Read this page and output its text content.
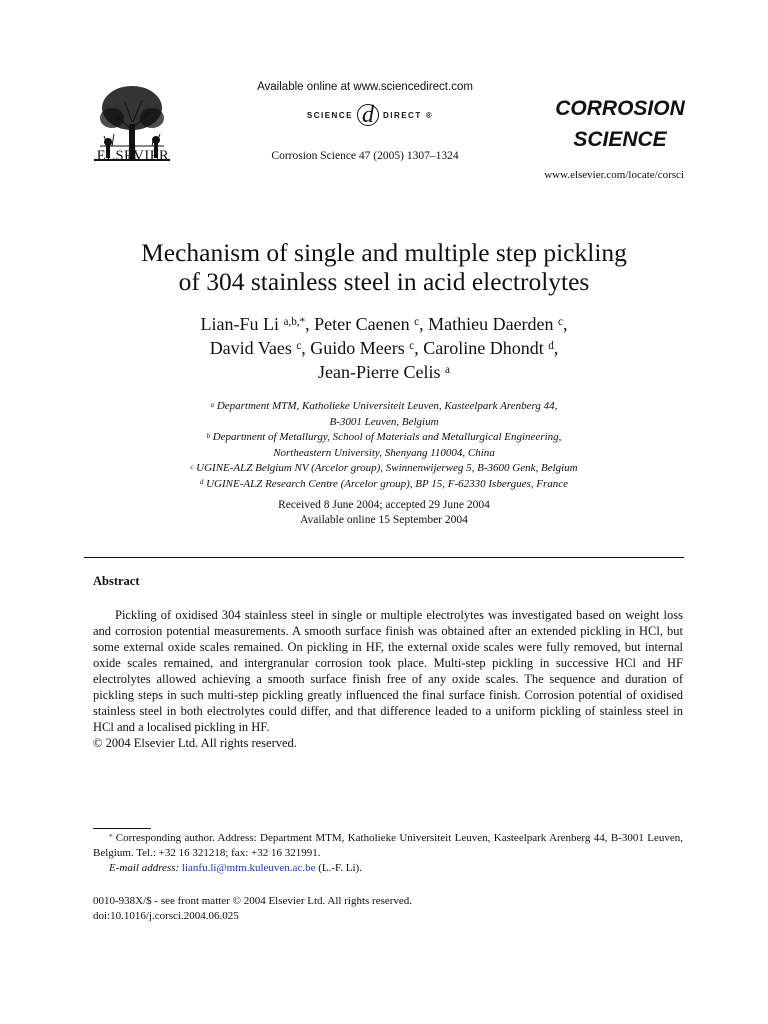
ELSEVIER
Available online at www.sciencedirect.com
SCIENCE d	DIRECT ®
Corrosion Science 47 (2005) 1307–1324
CORROSION
SCIENCE
www.elsevier.com/locate/corsci
Mechanism of single and multiple step pickling
of 304 stainless steel in acid electrolytes
Lian-Fu Li $^{a,b,*}$, Peter Caenen $^c$, Mathieu Daerden $^c$,
David Vaes $^c$, Guido Meers $^c$, Caroline Dhondt $^d$,
Jean-Pierre Celis $^a$
$^a$ Department MTM, Katholieke Universiteit Leuven, Kasteelpark Arenberg 44,
B-3001 Leuven, Belgium
$^b$ Department of Metallurgy, School of Materials and Metallurgical Engineering,
Northeastern University, Shenyang 110004, China
$^c$ UGINE-ALZ Belgium NV (Arcelor group), Swinnenwijerweg 5, B-3600 Genk, Belgium
$^d$ UGINE-ALZ Research Centre (Arcelor group), BP 15, F-62330 Isbergues, France
Received 8 June 2004; accepted 29 June 2004
Available online 15 September 2004
Abstract
Pickling of oxidised 304 stainless steel in single or multiple electrolytes was investigated based on weight loss and corrosion potential measurements. A smooth surface finish was obtained after an extended pickling in HCl, but some external oxide scales remained. On pickling in HF, the external oxide scales were fully removed, but internal oxide scales remained, and intergranular corrosion took place. Multi-step pickling in successive HCl and HF electrolytes allowed achieving a smooth surface finish free of any oxide scales. The sequence and duration of pickling steps in such multi-step pickling greatly influenced the final surface finish. Corrosion potential of oxidised stainless steel in both electrolytes could differ, and that difference leaded to a uniform pickling of stainless steel in HCl and a localised pickling in HF.
© 2004 Elsevier Ltd. All rights reserved.
* Corresponding author. Address: Department MTM, Katholieke Universiteit Leuven, Kasteelpark Arenberg 44, B-3001 Leuven, Belgium. Tel.: +32 16 321218; fax: +32 16 321991.
E-mail address: lianfu.li@mtm.kuleuven.ac.be (L.-F. Li).
0010-938X/$ - see front matter © 2004 Elsevier Ltd. All rights reserved.
doi:10.1016/j.corsci.2004.06.025
